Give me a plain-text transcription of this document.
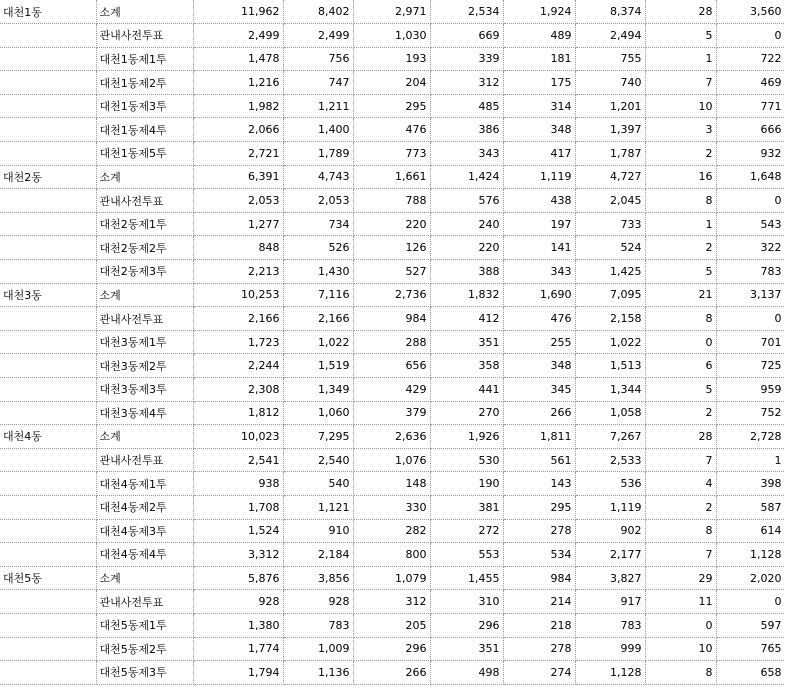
대천1동	소계	11,962	8,402	2,971	2,534	1,924	8,374	28	3,560
	관내사전투표	2,499	2,499	1,030	669	489	2,494	5	0
	대천1동제1투	1,478	756	193	339	181	755	1	722
	대천1동제2투	1,216	747	204	312	175	740	7	469
	대천1동제3투	1,982	1,211	295	485	314	1,201	10	771
	대천1동제4투	2,066	1,400	476	386	348	1,397	3	666
	대천1동제5투	2,721	1,789	773	343	417	1,787	2	932
대천2동	소계	6,391	4,743	1,661	1,424	1,119	4,727	16	1,648
	관내사전투표	2,053	2,053	788	576	438	2,045	8	0
	대천2동제1투	1,277	734	220	240	197	733	1	543
	대천2동제2투	848	526	126	220	141	524	2	322
	대천2동제3투	2,213	1,430	527	388	343	1,425	5	783
대천3동	소계	10,253	7,116	2,736	1,832	1,690	7,095	21	3,137
	관내사전투표	2,166	2,166	984	412	476	2,158	8	0
	대천3동제1투	1,723	1,022	288	351	255	1,022	0	701
	대천3동제2투	2,244	1,519	656	358	348	1,513	6	725
	대천3동제3투	2,308	1,349	429	441	345	1,344	5	959
	대천3동제4투	1,812	1,060	379	270	266	1,058	2	752
대천4동	소계	10,023	7,295	2,636	1,926	1,811	7,267	28	2,728
	관내사전투표	2,541	2,540	1,076	530	561	2,533	7	1
	대천4동제1투	938	540	148	190	143	536	4	398
	대천4동제2투	1,708	1,121	330	381	295	1,119	2	587
	대천4동제3투	1,524	910	282	272	278	902	8	614
	대천4동제4투	3,312	2,184	800	553	534	2,177	7	1,128
대천5동	소계	5,876	3,856	1,079	1,455	984	3,827	29	2,020
	관내사전투표	928	928	312	310	214	917	11	0
	대천5동제1투	1,380	783	205	296	218	783	0	597
	대천5동제2투	1,774	1,009	296	351	278	999	10	765
	대천5동제3투	1,794	1,136	266	498	274	1,128	8	658
